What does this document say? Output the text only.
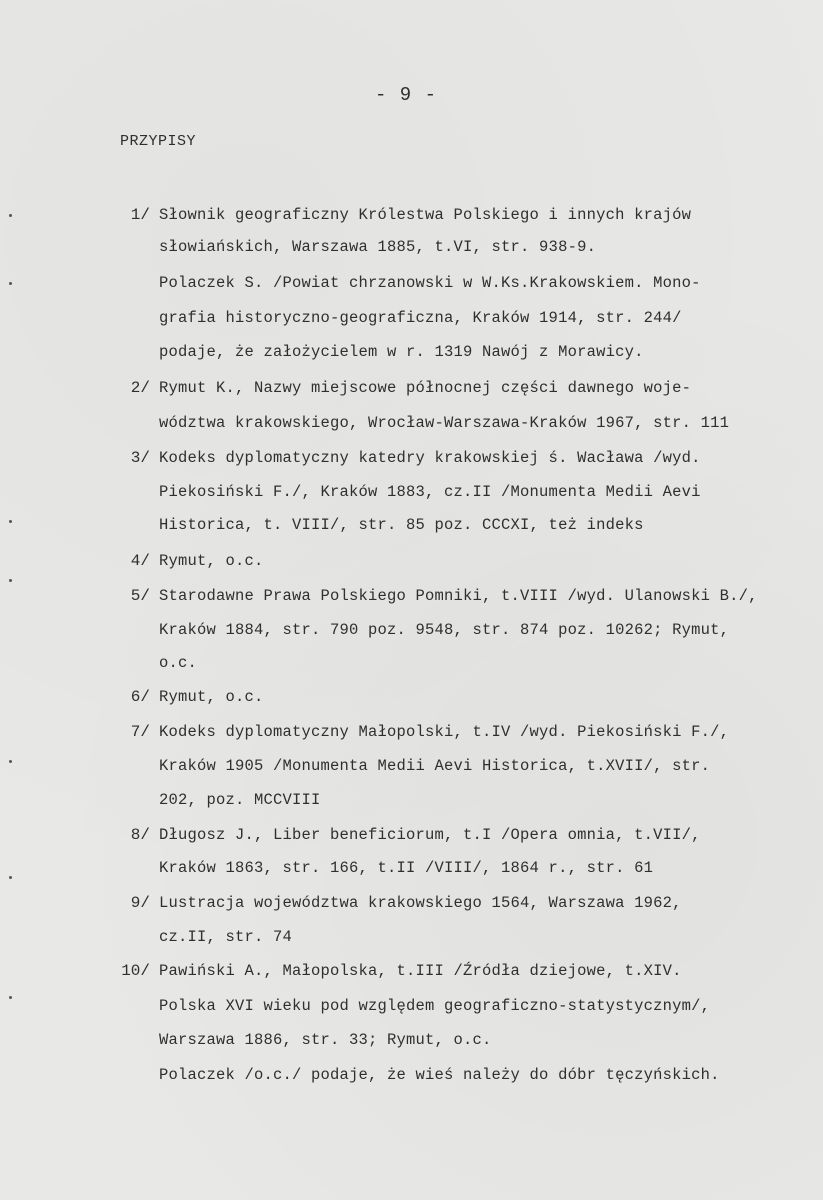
- 9 -
PRZYPISY
1/ Słownik geograficzny Królestwa Polskiego i innych krajów
słowiańskich, Warszawa 1885, t.VI, str. 938-9.
Polaczek S. /Powiat chrzanowski w W.Ks.Krakowskiem. Mono-
grafia historyczno-geograficzna, Kraków 1914, str. 244/
podaje, że założycielem w r. 1319 Nawój z Morawicy.
2/ Rymut K., Nazwy miejscowe północnej części dawnego woje-
wództwa krakowskiego, Wrocław-Warszawa-Kraków 1967, str. 111
3/ Kodeks dyplomatyczny katedry krakowskiej ś. Wacława /wyd.
Piekosiński F./, Kraków 1883, cz.II /Monumenta Medii Aevi
Historica, t. VIII/, str. 85 poz. CCCXI, też indeks
4/ Rymut, o.c.
5/ Starodawne Prawa Polskiego Pomniki, t.VIII /wyd. Ulanowski B./,
Kraków 1884, str. 790 poz. 9548, str. 874 poz. 10262; Rymut,
o.c.
6/ Rymut, o.c.
7/ Kodeks dyplomatyczny Małopolski, t.IV /wyd. Piekosiński F./,
Kraków 1905 /Monumenta Medii Aevi Historica, t.XVII/, str.
202, poz. MCCVIII
8/ Długosz J., Liber beneficiorum, t.I /Opera omnia, t.VII/,
Kraków 1863, str. 166, t.II /VIII/, 1864 r., str. 61
9/ Lustracja województwa krakowskiego 1564, Warszawa 1962,
cz.II, str. 74
10/ Pawiński A., Małopolska, t.III /Źródła dziejowe, t.XIV.
Polska XVI wieku pod względem geograficzno-statystycznym/,
Warszawa 1886, str. 33; Rymut, o.c.
Polaczek /o.c./ podaje, że wieś należy do dóbr tęczyńskich.
